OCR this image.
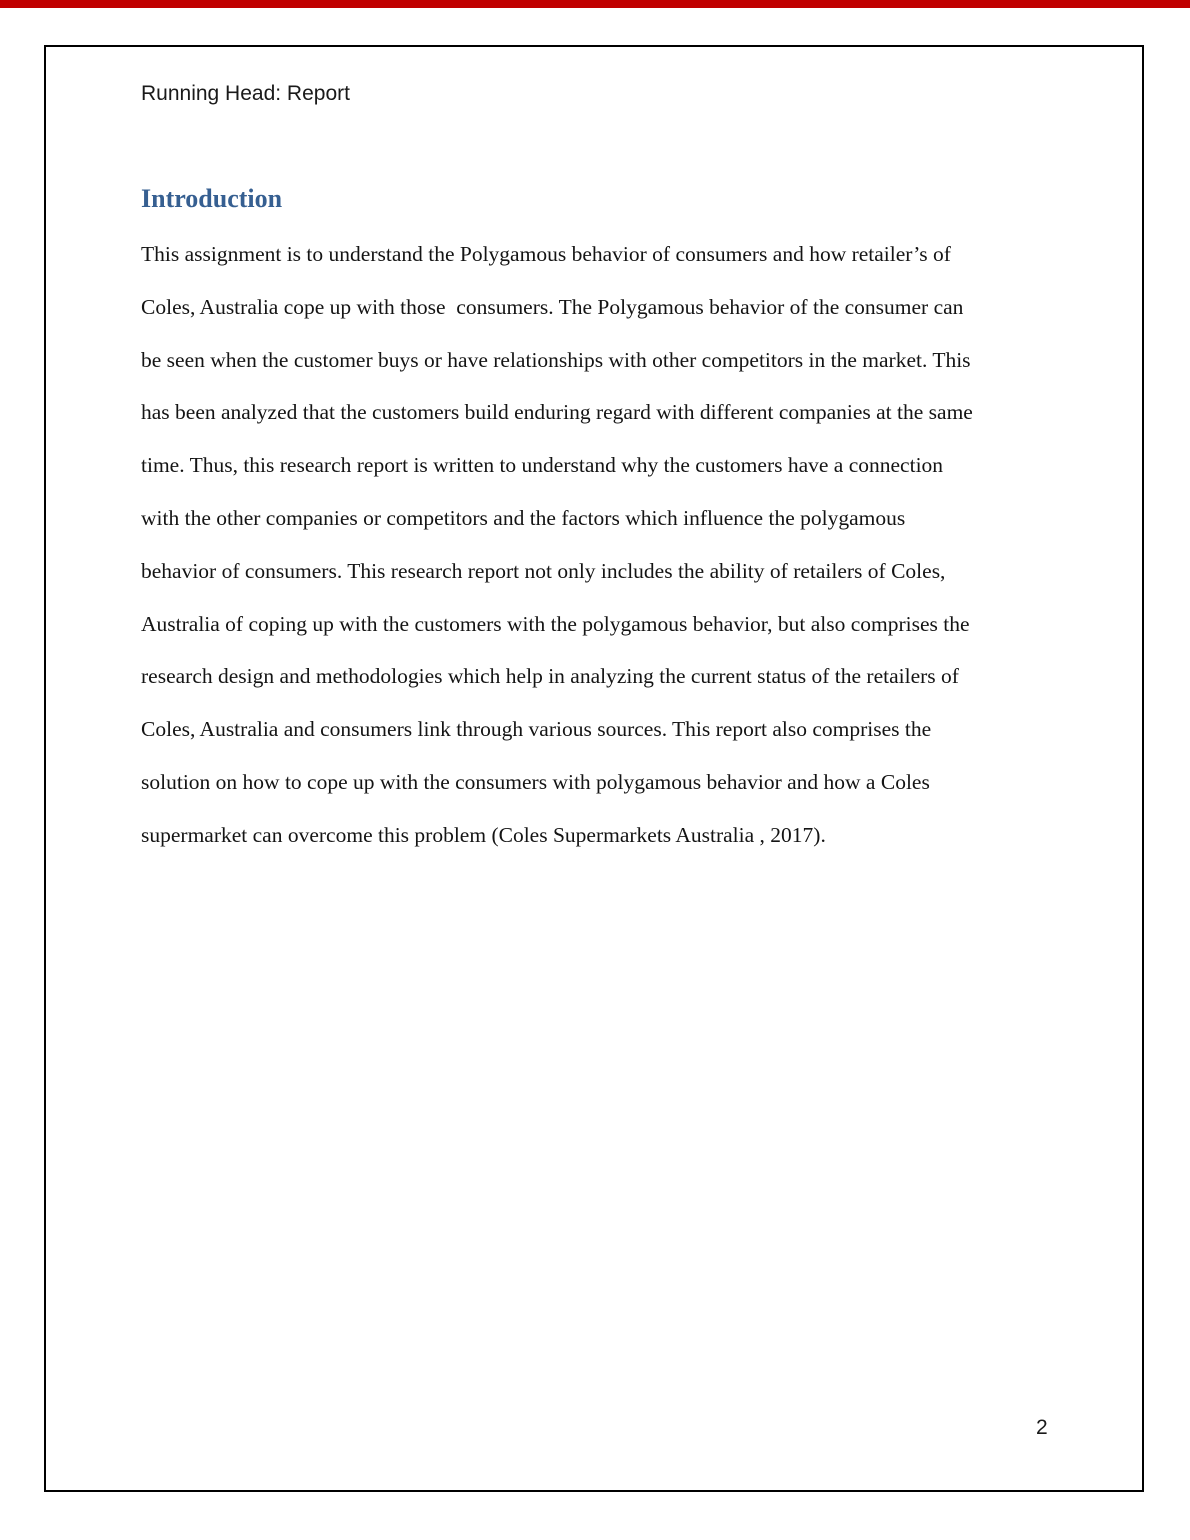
Running Head: Report
Introduction
This assignment is to understand the Polygamous behavior of consumers and how retailer’s of
Coles, Australia cope up with those  consumers. The Polygamous behavior of the consumer can
be seen when the customer buys or have relationships with other competitors in the market. This
has been analyzed that the customers build enduring regard with different companies at the same
time. Thus, this research report is written to understand why the customers have a connection
with the other companies or competitors and the factors which influence the polygamous
behavior of consumers. This research report not only includes the ability of retailers of Coles,
Australia of coping up with the customers with the polygamous behavior, but also comprises the
research design and methodologies which help in analyzing the current status of the retailers of
Coles, Australia and consumers link through various sources. This report also comprises the
solution on how to cope up with the consumers with polygamous behavior and how a Coles
supermarket can overcome this problem (Coles Supermarkets Australia , 2017).
2
